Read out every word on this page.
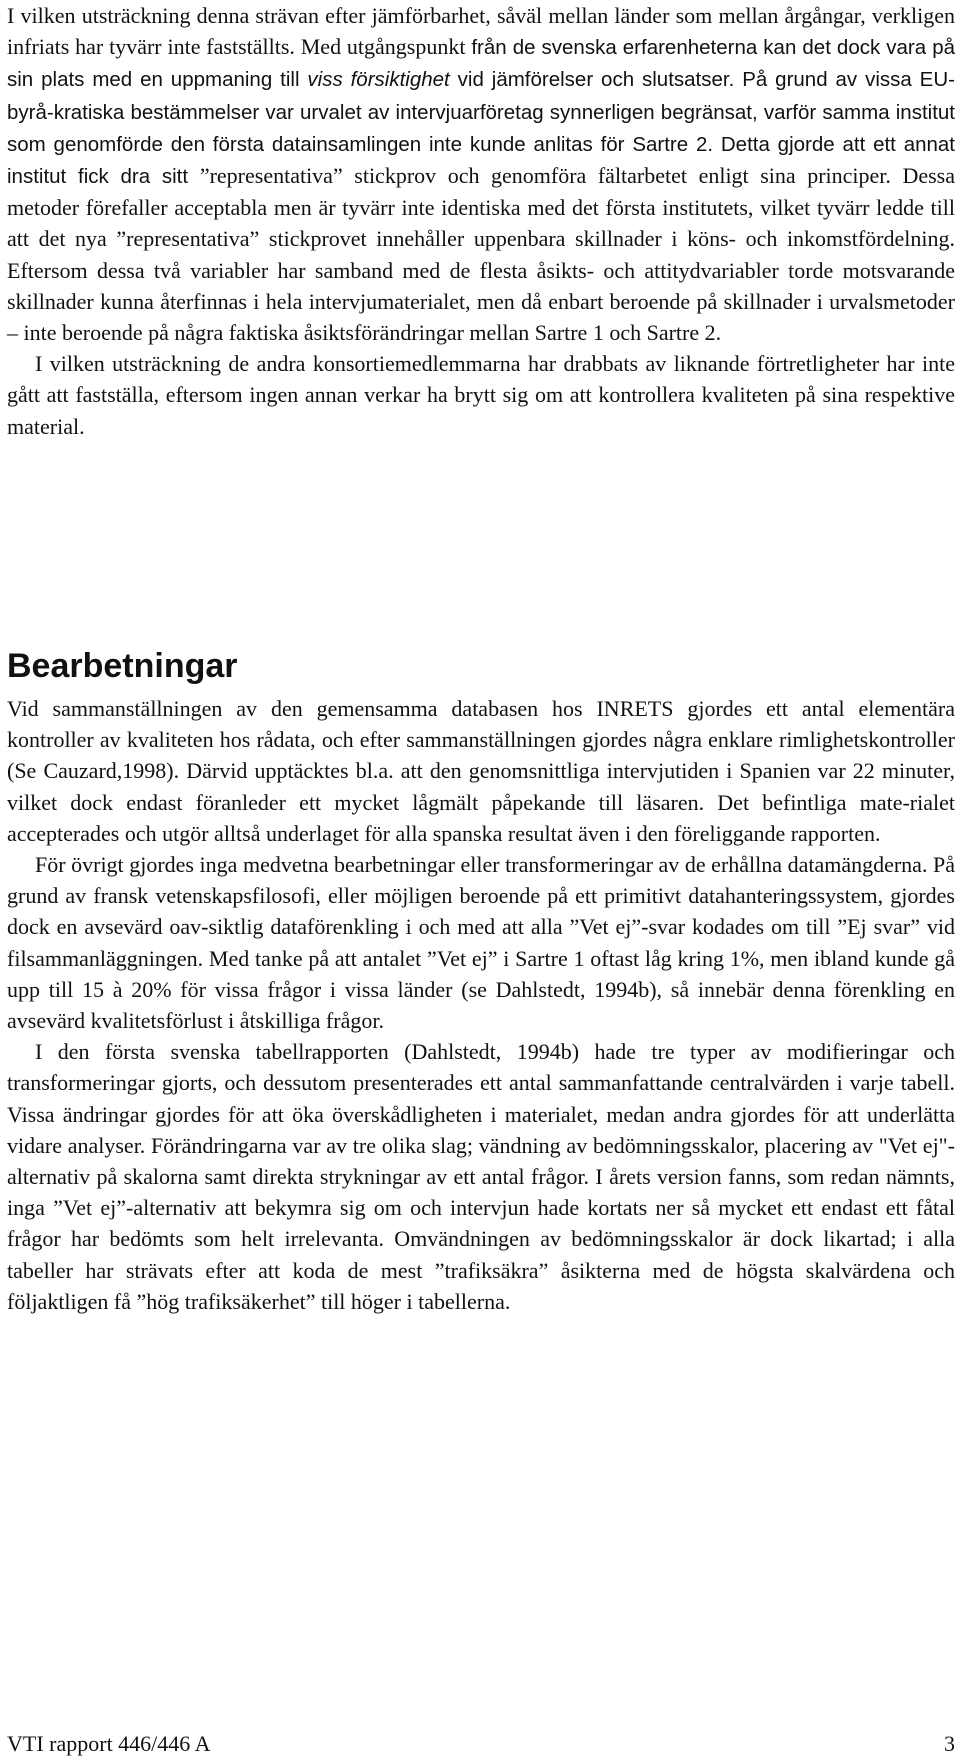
I vilken utsträckning denna strävan efter jämförbarhet, såväl mellan länder som mellan årgångar, verkligen infriats har tyvärr inte fastställts. Med utgångspunkt från de svenska erfarenheterna kan det dock vara på sin plats med en uppmaning till viss försiktighet vid jämförelser och slutsatser. På grund av vissa EU-byrå-kratiska bestämmelser var urvalet av intervjuarföretag synnerligen begränsat, varför samma institut som genomförde den första datainsamlingen inte kunde anlitas för Sartre 2. Detta gjorde att ett annat institut fick dra sitt ”representativa” stickprov och genomföra fältarbetet enligt sina principer. Dessa metoder förefaller acceptabla men är tyvärr inte identiska med det första institutets, vilket tyvärr ledde till att det nya ”representativa” stickprovet innehåller uppenbara skillnader i köns- och inkomstfördelning. Eftersom dessa två variabler har samband med de flesta åsikts- och attitydvariabler torde motsvarande skillnader kunna återfinnas i hela intervjumaterialet, men då enbart beroende på skillnader i urvalsmetoder – inte beroende på några faktiska åsiktsförändringar mellan Sartre 1 och Sartre 2.

I vilken utsträckning de andra konsortiemedlemmarna har drabbats av liknande förtretligheter har inte gått att fastställa, eftersom ingen annan verkar ha brytt sig om att kontrollera kvaliteten på sina respektive material.

Bearbetningar

Vid sammanställningen av den gemensamma databasen hos INRETS gjordes ett antal elementära kontroller av kvaliteten hos rådata, och efter sammanställningen gjordes några enklare rimlighetskontroller (Se Cauzard,1998). Därvid upptäcktes bl.a. att den genomsnittliga intervjutiden i Spanien var 22 minuter, vilket dock endast föranleder ett mycket lågmält påpekande till läsaren. Det befintliga mate-rialet accepterades och utgör alltså underlaget för alla spanska resultat även i den föreliggande rapporten.

För övrigt gjordes inga medvetna bearbetningar eller transformeringar av de erhållna datamängderna. På grund av fransk vetenskapsfilosofi, eller möjligen beroende på ett primitivt datahanteringssystem, gjordes dock en avsevärd oav-siktlig dataförenkling i och med att alla ”Vet ej”-svar kodades om till ”Ej svar” vid filsammanläggningen. Med tanke på att antalet ”Vet ej” i Sartre 1 oftast låg kring 1%, men ibland kunde gå upp till 15 à 20% för vissa frågor i vissa länder (se Dahlstedt, 1994b), så innebär denna förenkling en avsevärd kvalitetsförlust i åtskilliga frågor.

I den första svenska tabellrapporten (Dahlstedt, 1994b) hade tre typer av modifieringar och transformeringar gjorts, och dessutom presenterades ett antal sammanfattande centralvärden i varje tabell. Vissa ändringar gjordes för att öka överskådligheten i materialet, medan andra gjordes för att underlätta vidare analyser. Förändringarna var av tre olika slag; vändning av bedömningsskalor, placering av "Vet ej"-alternativ på skalorna samt direkta strykningar av ett antal frågor. I årets version fanns, som redan nämnts, inga ”Vet ej”-alternativ att bekymra sig om och intervjun hade kortats ner så mycket ett endast ett fåtal frågor har bedömts som helt irrelevanta. Omvändningen av bedömningsskalor är dock likartad; i alla tabeller har strävats efter att koda de mest ”trafiksäkra” åsikterna med de högsta skalvärdena och följaktligen få ”hög trafiksäkerhet” till höger i tabellerna.

VTI rapport 446/446 A	3
